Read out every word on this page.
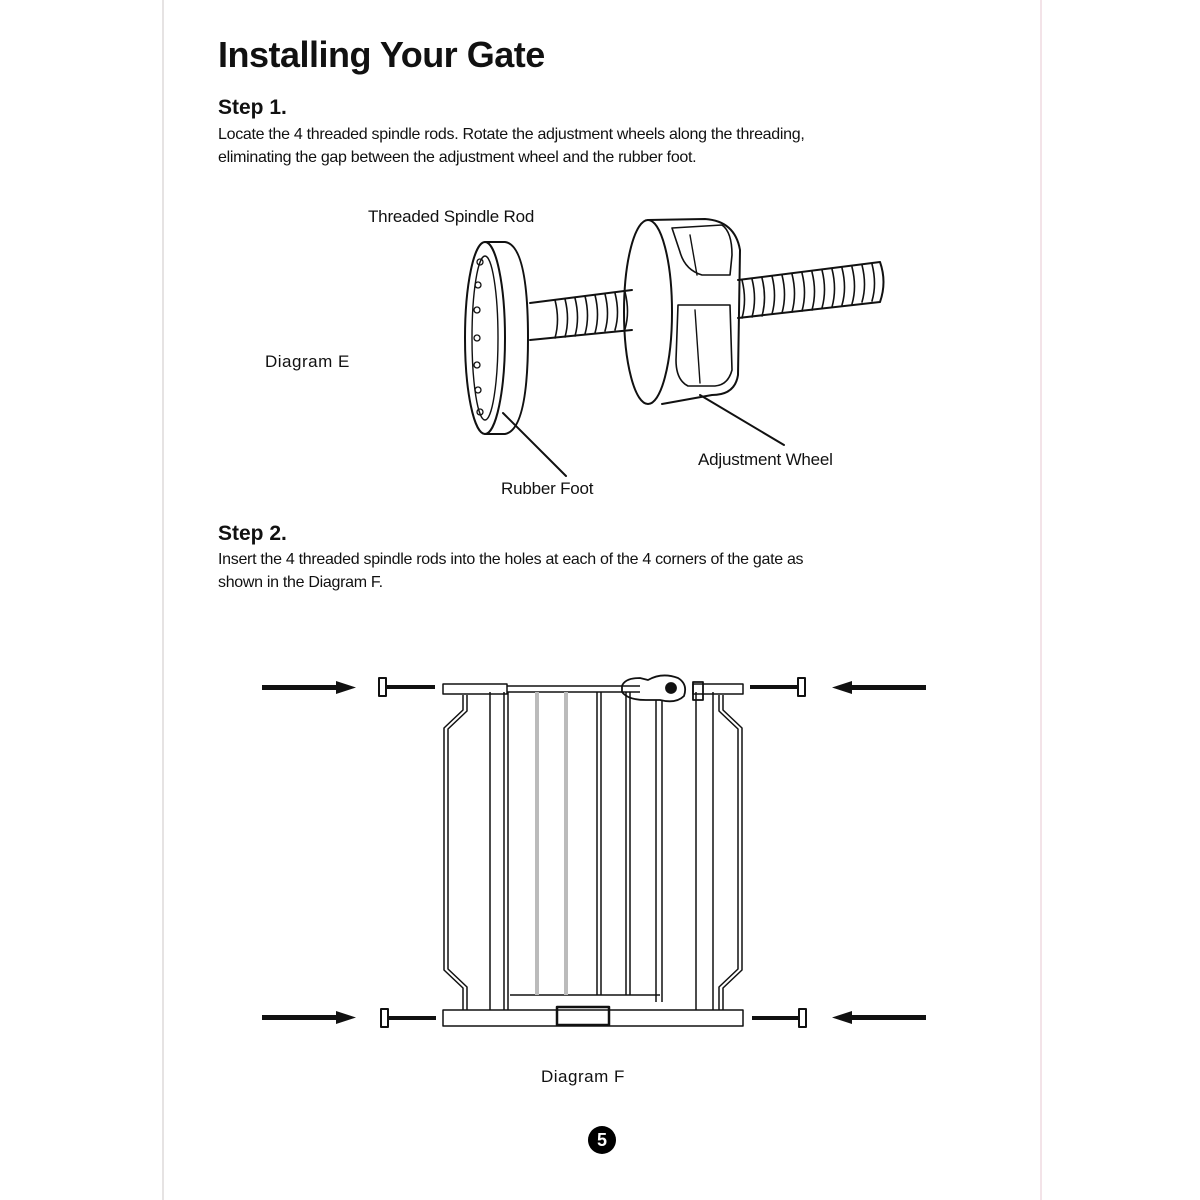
Installing Your Gate
Step 1.

Locate the 4 threaded spindle rods. Rotate the adjustment wheels along the threading,
eliminating the gap between the adjustment wheel and the rubber foot.

Threaded Spindle Rod
Diagram E
Adjustment Wheel
Rubber Foot
Step 2.

Insert the 4 threaded spindle rods into the holes at each of the 4 corners of the gate as
shown in the Diagram F.

Diagram F
5
